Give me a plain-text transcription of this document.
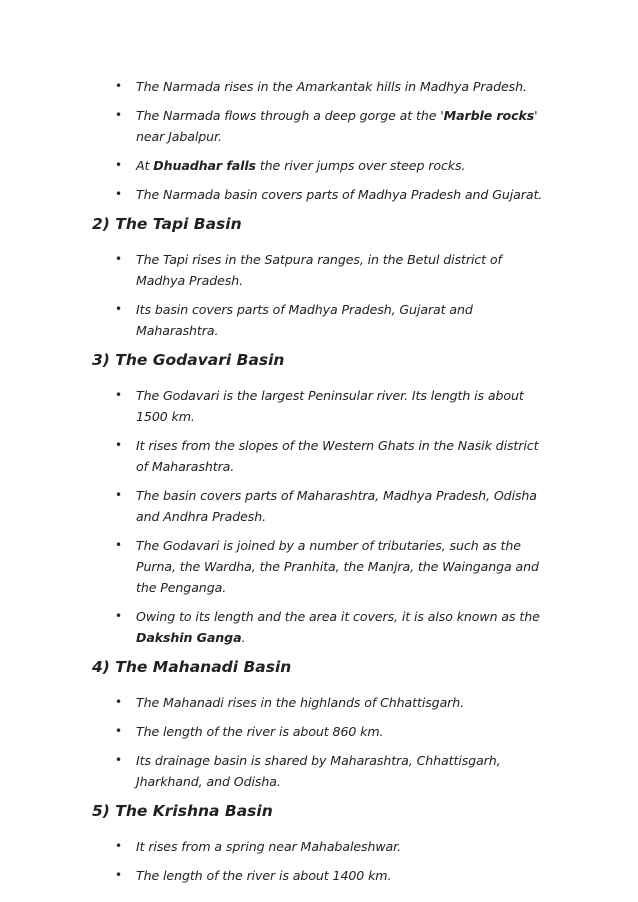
• The Narmada rises in the Amarkantak hills in Madhya Pradesh.
• The Narmada flows through a deep gorge at the 'Marble rocks' near Jabalpur.
• At Dhuadhar falls the river jumps over steep rocks.
• The Narmada basin covers parts of Madhya Pradesh and Gujarat.
2) The Tapi Basin
• The Tapi rises in the Satpura ranges, in the Betul district of Madhya Pradesh.
• Its basin covers parts of Madhya Pradesh, Gujarat and Maharashtra.
3) The Godavari Basin
• The Godavari is the largest Peninsular river. Its length is about 1500 km.
• It rises from the slopes of the Western Ghats in the Nasik district of Maharashtra.
• The basin covers parts of Maharashtra, Madhya Pradesh, Odisha and Andhra Pradesh.
• The Godavari is joined by a number of tributaries, such as the Purna, the Wardha, the Pranhita, the Manjra, the Wainganga and the Penganga.
• Owing to its length and the area it covers, it is also known as the Dakshin Ganga.
4) The Mahanadi Basin
• The Mahanadi rises in the highlands of Chhattisgarh.
• The length of the river is about 860 km.
• Its drainage basin is shared by Maharashtra, Chhattisgarh, Jharkhand, and Odisha.
5) The Krishna Basin
• It rises from a spring near Mahabaleshwar.
• The length of the river is about 1400 km.
